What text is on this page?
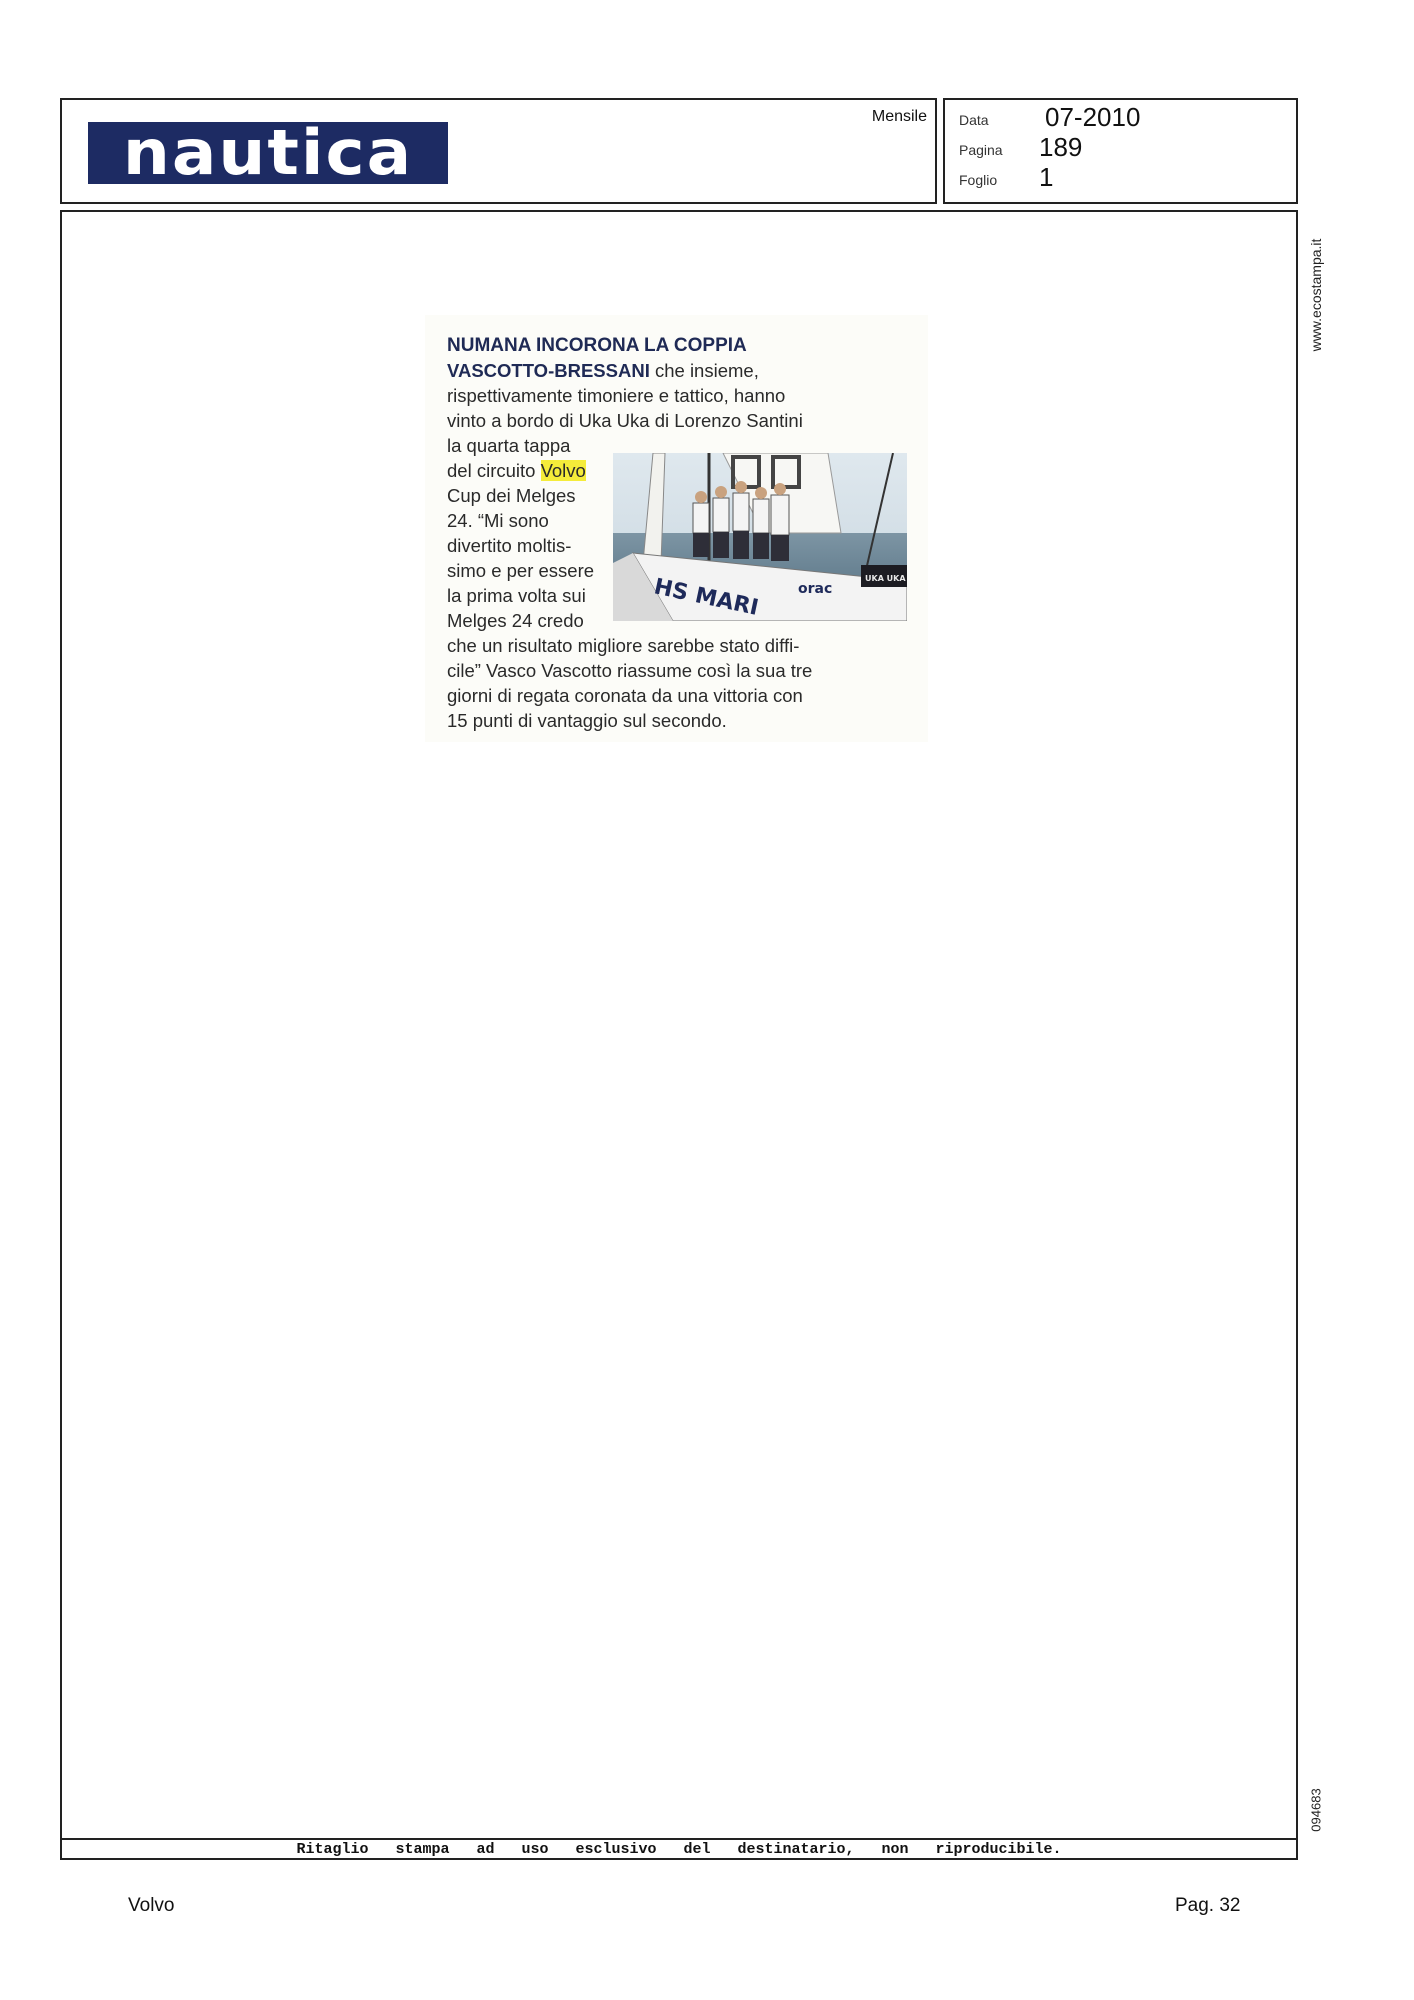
nautica	Mensile Data 07-2010
Pagina 189
Foglio 1
Ritaglio stampa ad uso esclusivo del destinatario, non riproducibile.
www.ecostampa.it
094683
NUMANA INCORONA LA COPPIA
VASCOTTO-BRESSANI che insieme,
rispettivamente timoniere e tattico, hanno
vinto a bordo di Uka Uka di Lorenzo Santini
la quarta tappa
del circuito Volvo
Cup dei Melges
24. “Mi sono
divertito moltis-
simo e per essere
la prima volta sui
Melges 24 credo
che un risultato migliore sarebbe stato diffi-
cile” Vasco Vascotto riassume così la sua tre
giorni di regata coronata da una vittoria con
15 punti di vantaggio sul secondo.
HS MARI	orac
UKA UKA
Volvo	Pag. 32
